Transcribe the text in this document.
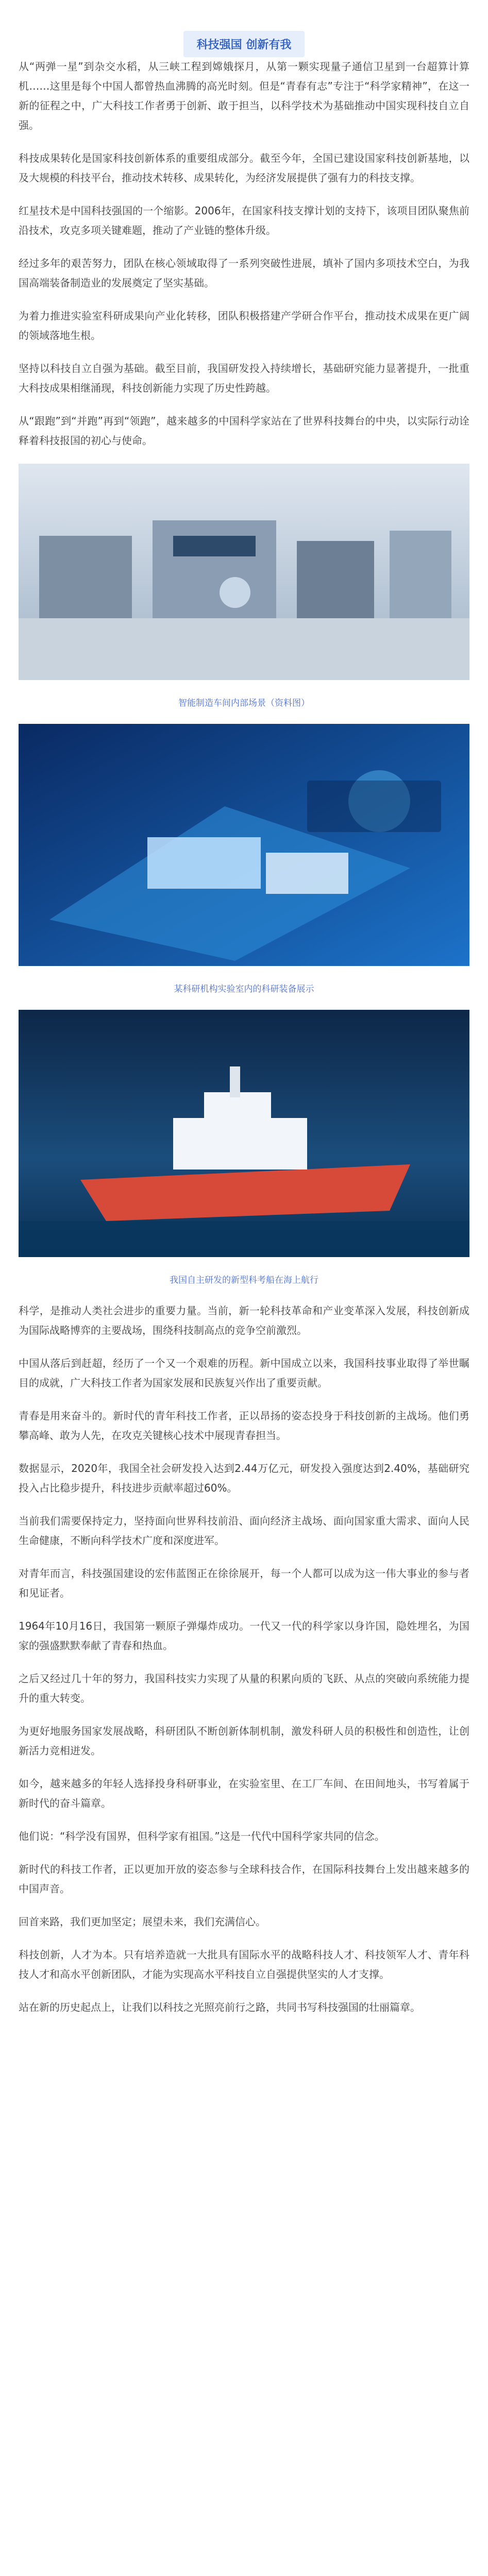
科技强国 创新有我

从“两弹一星”到杂交水稻，从三峡工程到嫦娥探月，从第一颗实现量子通信卫星到一台超算计算机……这里是每个中国人都曾热血沸腾的高光时刻。但是“青春有志”专注于“科学家精神”，在这一新的征程之中，广大科技工作者勇于创新、敢于担当，以科学技术为基础推动中国实现科技自立自强。

科技成果转化是国家科技创新体系的重要组成部分。截至今年，全国已建设国家科技创新基地，以及大规模的科技平台，推动技术转移、成果转化，为经济发展提供了强有力的科技支撑。

红星技术是中国科技强国的一个缩影。2006年，在国家科技支撑计划的支持下，该项目团队聚焦前沿技术，攻克多项关键难题，推动了产业链的整体升级。

经过多年的艰苦努力，团队在核心领域取得了一系列突破性进展，填补了国内多项技术空白，为我国高端装备制造业的发展奠定了坚实基础。

为着力推进实验室科研成果向产业化转移，团队积极搭建产学研合作平台，推动技术成果在更广阔的领域落地生根。

坚持以科技自立自强为基础。截至目前，我国研发投入持续增长，基础研究能力显著提升，一批重大科技成果相继涌现，科技创新能力实现了历史性跨越。

从“跟跑”到“并跑”再到“领跑”，越来越多的中国科学家站在了世界科技舞台的中央，以实际行动诠释着科技报国的初心与使命。

智能制造车间内部场景（资料图）

某科研机构实验室内的科研装备展示

我国自主研发的新型科考船在海上航行

科学，是推动人类社会进步的重要力量。当前，新一轮科技革命和产业变革深入发展，科技创新成为国际战略博弈的主要战场，围绕科技制高点的竞争空前激烈。

中国从落后到赶超，经历了一个又一个艰难的历程。新中国成立以来，我国科技事业取得了举世瞩目的成就，广大科技工作者为国家发展和民族复兴作出了重要贡献。

青春是用来奋斗的。新时代的青年科技工作者，正以昂扬的姿态投身于科技创新的主战场。他们勇攀高峰、敢为人先，在攻克关键核心技术中展现青春担当。

数据显示，2020年，我国全社会研发投入达到2.44万亿元，研发投入强度达到2.40%，基础研究投入占比稳步提升，科技进步贡献率超过60%。

当前我们需要保持定力，坚持面向世界科技前沿、面向经济主战场、面向国家重大需求、面向人民生命健康，不断向科学技术广度和深度进军。

对青年而言，科技强国建设的宏伟蓝图正在徐徐展开，每一个人都可以成为这一伟大事业的参与者和见证者。

1964年10月16日，我国第一颗原子弹爆炸成功。一代又一代的科学家以身许国，隐姓埋名，为国家的强盛默默奉献了青春和热血。

之后又经过几十年的努力，我国科技实力实现了从量的积累向质的飞跃、从点的突破向系统能力提升的重大转变。

为更好地服务国家发展战略，科研团队不断创新体制机制，激发科研人员的积极性和创造性，让创新活力竞相迸发。

如今，越来越多的年轻人选择投身科研事业，在实验室里、在工厂车间、在田间地头，书写着属于新时代的奋斗篇章。

他们说：“科学没有国界，但科学家有祖国。”这是一代代中国科学家共同的信念。

新时代的科技工作者，正以更加开放的姿态参与全球科技合作，在国际科技舞台上发出越来越多的中国声音。

回首来路，我们更加坚定；展望未来，我们充满信心。

科技创新，人才为本。只有培养造就一大批具有国际水平的战略科技人才、科技领军人才、青年科技人才和高水平创新团队，才能为实现高水平科技自立自强提供坚实的人才支撑。

站在新的历史起点上，让我们以科技之光照亮前行之路，共同书写科技强国的壮丽篇章。
